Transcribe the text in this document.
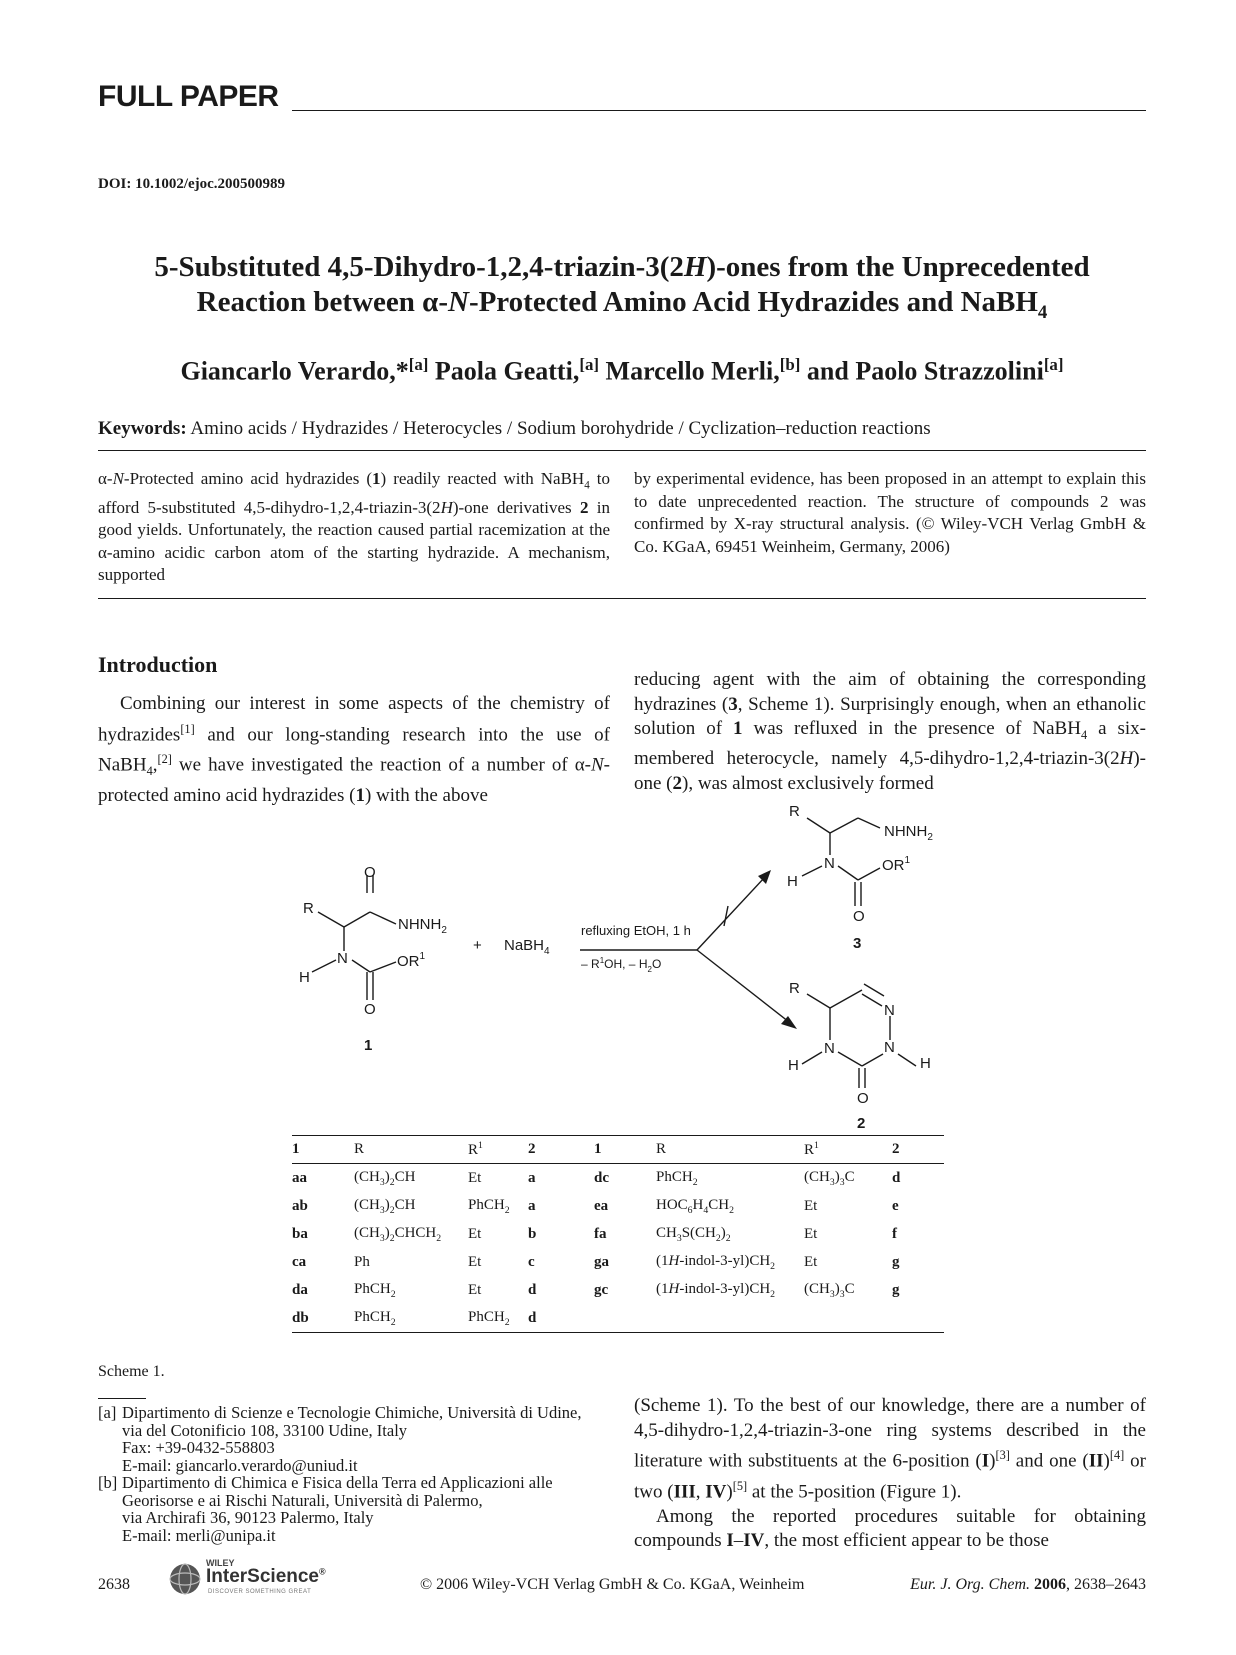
FULL PAPER
DOI: 10.1002/ejoc.200500989
5-Substituted 4,5-Dihydro-1,2,4-triazin-3(2H)-ones from the Unprecedented
Reaction between α-N-Protected Amino Acid Hydrazides and NaBH$_4$
Giancarlo Verardo,*[a] Paola Geatti,[a] Marcello Merli,[b] and Paolo Strazzolini[a]
Keywords: Amino acids / Hydrazides / Heterocycles / Sodium borohydride / Cyclization–reduction reactions
α-N-Protected amino acid hydrazides (1) readily reacted with NaBH$_4$ to afford 5-substituted 4,5-dihydro-1,2,4-triazin-3(2H)-one derivatives 2 in good yields. Unfortunately, the reaction caused partial racemization at the α-amino acidic carbon atom of the starting hydrazide. A mechanism, supported
by experimental evidence, has been proposed in an attempt to explain this to date unprecedented reaction. The structure of compounds 2 was confirmed by X-ray structural analysis. (© Wiley-VCH Verlag GmbH & Co. KGaA, 69451 Weinheim, Germany, 2006)
Introduction

Combining our interest in some aspects of the chemistry of hydrazides[1] and our long-standing research into the use of NaBH$_4$,[2] we have investigated the reaction of a number of α-N-protected amino acid hydrazides (1) with the above

reducing agent with the aim of obtaining the corresponding hydrazines (3, Scheme 1). Surprisingly enough, when an ethanolic solution of 1 was refluxed in the presence of NaBH$_4$ a six-membered heterocycle, namely 4,5-dihydro-1,2,4-triazin-3(2H)-one (2), was almost exclusively formed

R
O
$NHNH_2$
N
H
$OR^1$
O
1
+ NaBH$_4$
refluxing EtOH, 1 h
– $R^1OH$, – $H_2O$
R
$NHNH_2$
N
H
$OR^1$
O
3
R
N
N
H
N
H
O
2
1	R	$R^1$	2	1	R	$R^1$	2
aa	$(CH_3)_2CH$	Et	a
ab	$(CH_3)_2CH$	PhCH$_2$	a
ba	$(CH_3)_2CHCH_2$	Et	b
ca	Ph	Et	c
da	PhCH$_2$	Et	d
db	PhCH$_2$	PhCH$_2$	d
dc	PhCH$_2$	$(CH_3)_3C$	d
ea	$HOC_6H_4CH_2$	Et	e
fa	$CH_3S(CH_2)_2$	Et	f
ga	$(1H-indol-3-yl)CH_2$	Et	g
gc	$(1H-indol-3-yl)CH_2$	$(CH_3)_3C$	g
Scheme 1.
[a] Dipartimento di Scienze e Tecnologie Chimiche, Università di Udine,
via del Cotonificio 108, 33100 Udine, Italy
Fax: +39-0432-558803
E-mail: giancarlo.verardo@uniud.it
[b] Dipartimento di Chimica e Fisica della Terra ed Applicazioni alle Georisorse e ai Rischi Naturali, Università di Palermo,
via Archirafi 36, 90123 Palermo, Italy
E-mail: merli@unipa.it

(Scheme 1). To the best of our knowledge, there are a number of 4,5-dihydro-1,2,4-triazin-3-one ring systems described in the literature with substituents at the 6-position (I)[3] and one (II)[4] or two (III, IV)[5] at the 5-position (Figure 1).

Among the reported procedures suitable for obtaining compounds I–IV, the most efficient appear to be those

2638
WILEY
InterScience®
DISCOVER SOMETHING GREAT	© 2006 Wiley-VCH Verlag GmbH & Co. KGaA, Weinheim	Eur. J. Org. Chem. 2006, 2638–2643
